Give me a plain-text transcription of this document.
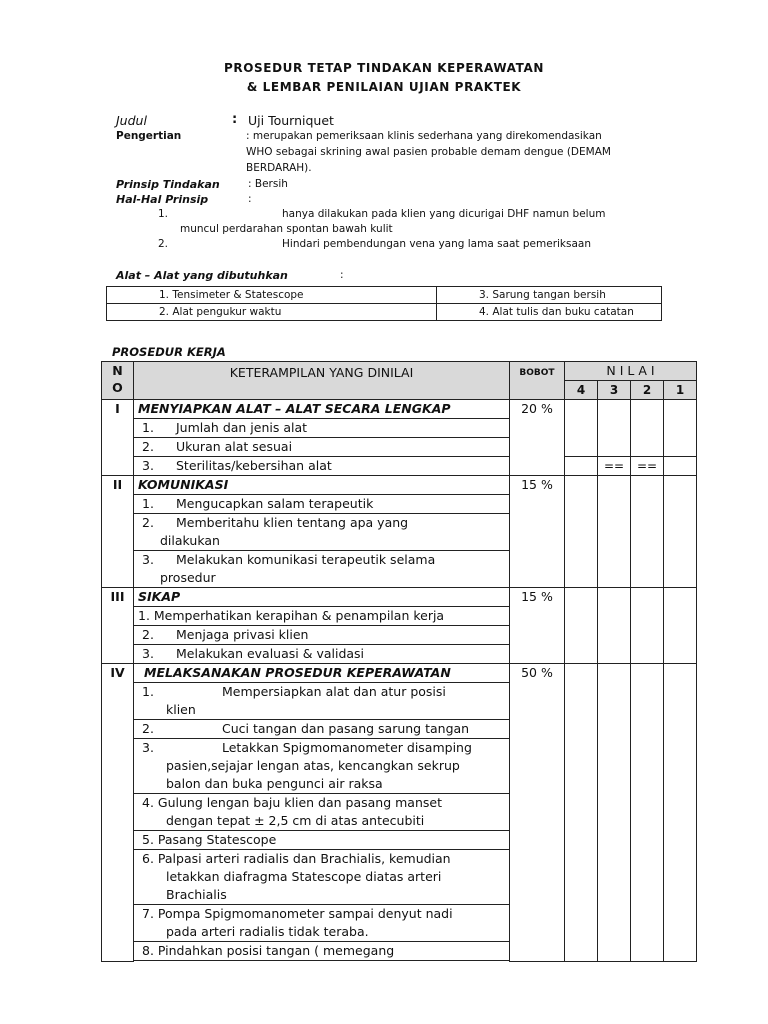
PROSEDUR TETAP TINDAKAN KEPERAWATAN
& LEMBAR PENILAIAN UJIAN PRAKTEK
Judul	: Uji Tourniquet
Pengertian	: merupakan pemeriksaan klinis sederhana yang direkomendasikan
WHO sebagai skrining awal pasien probable demam dengue (DEMAM
BERDARAH).
Prinsip Tindakan	: Bersih
Hal-Hal Prinsip	:
1.	hanya dilakukan pada klien yang dicurigai DHF namun belum
muncul perdarahan spontan bawah kulit
2.	Hindari pembendungan vena yang lama saat pemeriksaan
Alat – Alat yang dibutuhkan	:
1. Tensimeter & Statescope	3. Sarung tangan bersih
2. Alat pengukur waktu	4. Alat tulis dan buku catatan
PROSEDUR KERJA
N
O	KETERAMPILAN YANG DINILAI	BOBOT	N I L A I			
			4	3	2	1
I	MENYIAPKAN ALAT – ALAT SECARA LENGKAP	20 %				
	1. Jumlah dan jenis alat					
	2. Ukuran alat sesuai					
	3. Sterilitas/kebersihan alat			==	==	
II	KOMUNIKASI	15 %				
	1. Mengucapkan salam terapeutik					
	2. Memberitahu klien tentang apa yang
dilakukan					
	3. Melakukan komunikasi terapeutik selama
prosedur					
III	SIKAP	15 %				
	1. Memperhatikan kerapihan & penampilan kerja					
	2. Menjaga privasi klien					
	3. Melakukan evaluasi & validasi					
IV	MELAKSANAKAN PROSEDUR KEPERAWATAN	50 %				
	1. Mempersiapkan alat dan atur posisi
klien					
	2. Cuci tangan dan pasang sarung tangan					
	3. Letakkan Spigmomanometer disamping
pasien,sejajar lengan atas, kencangkan sekrup
balon dan buka pengunci air raksa					
	4. Gulung lengan baju klien dan pasang manset
dengan tepat ± 2,5 cm di atas antecubiti					
	5. Pasang Statescope					
	6. Palpasi arteri radialis dan Brachialis, kemudian
letakkan diafragma Statescope diatas arteri
Brachialis					
	7. Pompa Spigmomanometer sampai denyut nadi
pada arteri radialis tidak teraba.					
	8. Pindahkan posisi tangan ( memegang					
